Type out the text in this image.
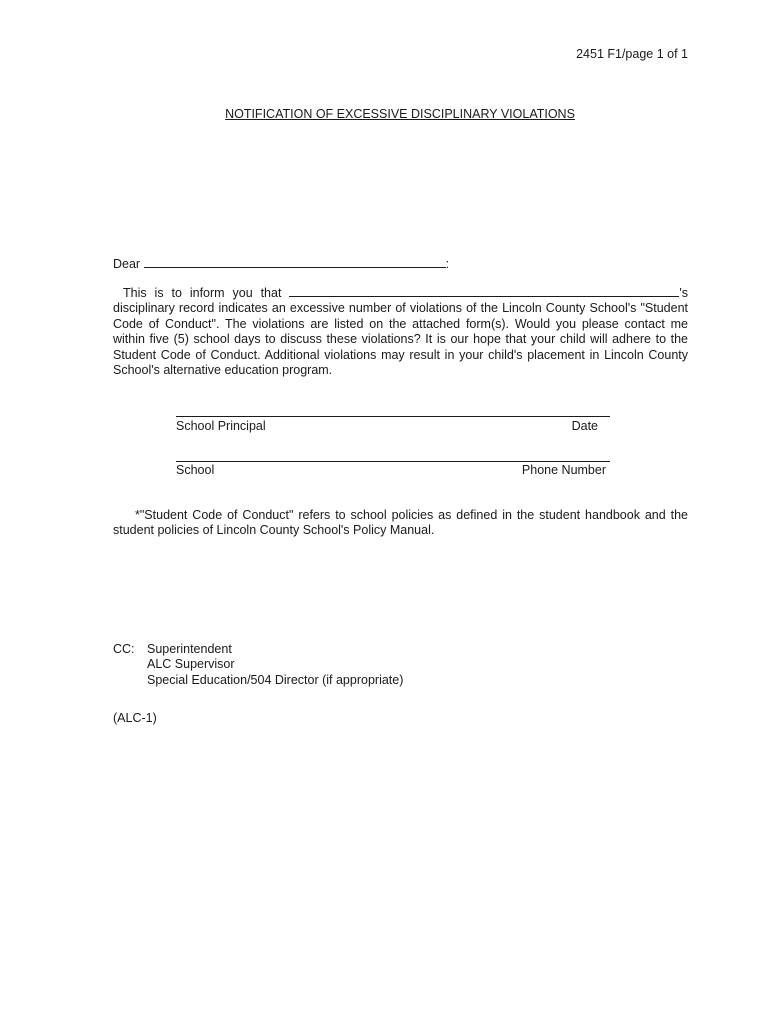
2451 F1/page 1 of 1
NOTIFICATION OF EXCESSIVE DISCIPLINARY VIOLATIONS
Dear	:
This is to inform you that	's disciplinary record indicates an excessive number of violations of the Lincoln County School's "Student Code of Conduct". The violations are listed on the attached form(s). Would you please contact me within five (5) school days to discuss these violations? It is our hope that your child will adhere to the Student Code of Conduct. Additional violations may result in your child's placement in Lincoln County School's alternative education program.
School Principal	Date
School	Phone Number
*"Student Code of Conduct" refers to school policies as defined in the student handbook and the student policies of Lincoln County School's Policy Manual.
CC: Superintendent
ALC Supervisor
Special Education/504 Director (if appropriate)
(ALC-1)
